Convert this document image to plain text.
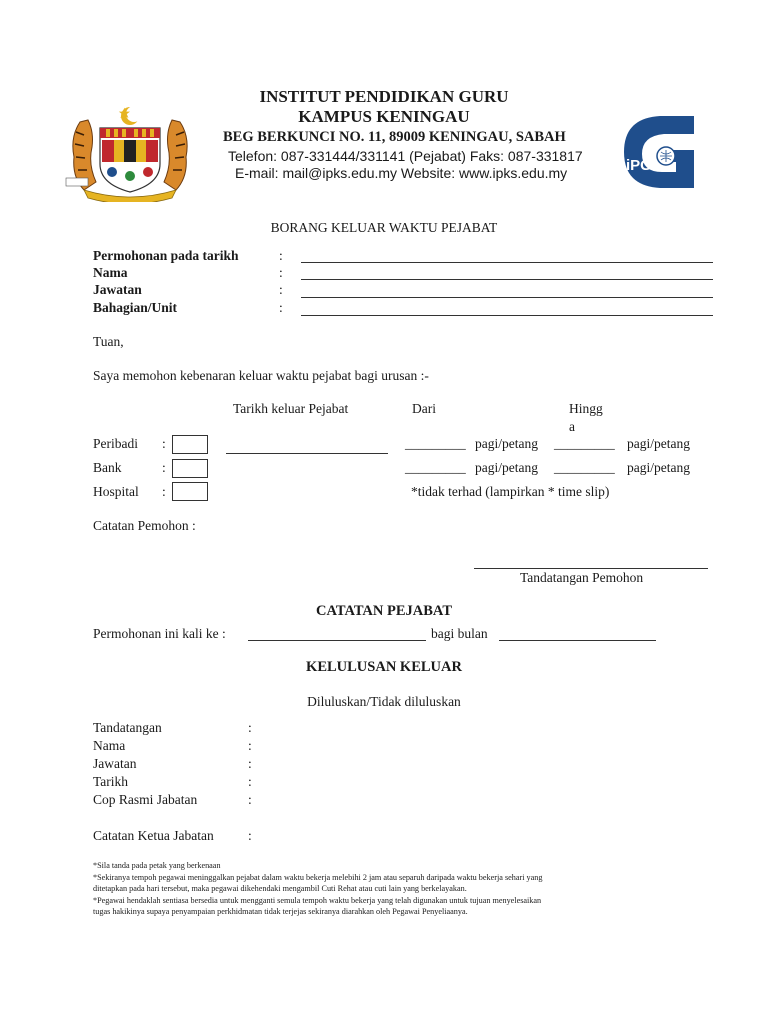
iPG
INSTITUT PENDIDIKAN GURU
KAMPUS KENINGAU
BEG BERKUNCI NO. 11, 89009 KENINGAU, SABAH
Telefon: 087-331444/331141 (Pejabat) Faks: 087-331817
E-mail: mail@ipks.edu.my Website: www.ipks.edu.my
BORANG KELUAR WAKTU PEJABAT
Permohonan pada tarikh	:
Nama	:
Jawatan	:
Bahagian/Unit	:
Tuan,
Saya memohon kebenaran keluar waktu pejabat bagi urusan :-
Tarikh keluar Pejabat	Dari	Hingg
a
Peribadi :	_________ pagi/petang _________ pagi/petang
Bank	:	_________ pagi/petang _________ pagi/petang
Hospital :	*tidak terhad (lampirkan * time slip)
Catatan Pemohon :
Tandatangan Pemohon
CATATAN PEJABAT
Permohonan ini kali ke :	bagi bulan
KELULUSAN KELUAR
Diluluskan/Tidak diluluskan
Tandatangan	:
Nama	:
Jawatan	:
Tarikh	:
Cop Rasmi Jabatan	:
Catatan Ketua Jabatan	:
*Sila tanda pada petak yang berkenaan
*Sekiranya tempoh pegawai meninggalkan pejabat dalam waktu bekerja melebihi 2 jam atau separuh daripada waktu bekerja sehari yang
ditetapkan pada hari tersebut, maka pegawai dikehendaki mengambil Cuti Rehat atau cuti lain yang berkelayakan.
*Pegawai hendaklah sentiasa bersedia untuk mengganti semula tempoh waktu bekerja yang telah digunakan untuk tujuan menyelesaikan
tugas hakikinya supaya penyampaian perkhidmatan tidak terjejas sekiranya diarahkan oleh Pegawai Penyeliaanya.
